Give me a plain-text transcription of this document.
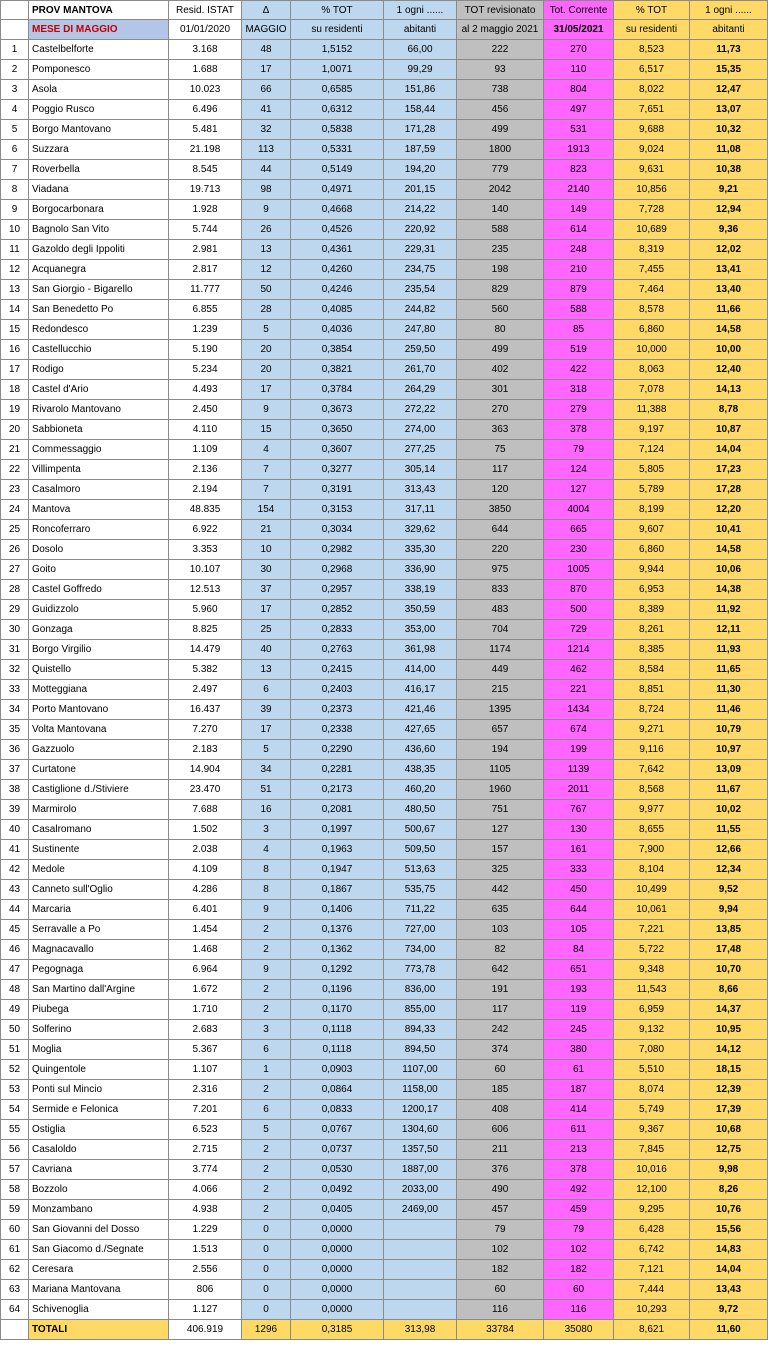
	PROV MANTOVA	Resid. ISTAT	Δ	% TOT	1 ogni ......	TOT revisionato	Tot. Corrente	% TOT	1 ogni ......
	MESE DI MAGGIO	01/01/2020	MAGGIO	su residenti	abitanti	al 2 maggio 2021	31/05/2021	su residenti	abitanti
1	Castelbelforte	3.168	48	1,5152	66,00	222	270	8,523	11,73
2	Pomponesco	1.688	17	1,0071	99,29	93	110	6,517	15,35
3	Asola	10.023	66	0,6585	151,86	738	804	8,022	12,47
4	Poggio Rusco	6.496	41	0,6312	158,44	456	497	7,651	13,07
5	Borgo Mantovano	5.481	32	0,5838	171,28	499	531	9,688	10,32
6	Suzzara	21.198	113	0,5331	187,59	1800	1913	9,024	11,08
7	Roverbella	8.545	44	0,5149	194,20	779	823	9,631	10,38
8	Viadana	19.713	98	0,4971	201,15	2042	2140	10,856	9,21
9	Borgocarbonara	1.928	9	0,4668	214,22	140	149	7,728	12,94
10	Bagnolo San Vito	5.744	26	0,4526	220,92	588	614	10,689	9,36
11	Gazoldo degli Ippoliti	2.981	13	0,4361	229,31	235	248	8,319	12,02
12	Acquanegra	2.817	12	0,4260	234,75	198	210	7,455	13,41
13	San Giorgio - Bigarello	11.777	50	0,4246	235,54	829	879	7,464	13,40
14	San Benedetto Po	6.855	28	0,4085	244,82	560	588	8,578	11,66
15	Redondesco	1.239	5	0,4036	247,80	80	85	6,860	14,58
16	Castellucchio	5.190	20	0,3854	259,50	499	519	10,000	10,00
17	Rodigo	5.234	20	0,3821	261,70	402	422	8,063	12,40
18	Castel d'Ario	4.493	17	0,3784	264,29	301	318	7,078	14,13
19	Rivarolo Mantovano	2.450	9	0,3673	272,22	270	279	11,388	8,78
20	Sabbioneta	4.110	15	0,3650	274,00	363	378	9,197	10,87
21	Commessaggio	1.109	4	0,3607	277,25	75	79	7,124	14,04
22	Villimpenta	2.136	7	0,3277	305,14	117	124	5,805	17,23
23	Casalmoro	2.194	7	0,3191	313,43	120	127	5,789	17,28
24	Mantova	48.835	154	0,3153	317,11	3850	4004	8,199	12,20
25	Roncoferraro	6.922	21	0,3034	329,62	644	665	9,607	10,41
26	Dosolo	3.353	10	0,2982	335,30	220	230	6,860	14,58
27	Goito	10.107	30	0,2968	336,90	975	1005	9,944	10,06
28	Castel Goffredo	12.513	37	0,2957	338,19	833	870	6,953	14,38
29	Guidizzolo	5.960	17	0,2852	350,59	483	500	8,389	11,92
30	Gonzaga	8.825	25	0,2833	353,00	704	729	8,261	12,11
31	Borgo Virgilio	14.479	40	0,2763	361,98	1174	1214	8,385	11,93
32	Quistello	5.382	13	0,2415	414,00	449	462	8,584	11,65
33	Motteggiana	2.497	6	0,2403	416,17	215	221	8,851	11,30
34	Porto Mantovano	16.437	39	0,2373	421,46	1395	1434	8,724	11,46
35	Volta Mantovana	7.270	17	0,2338	427,65	657	674	9,271	10,79
36	Gazzuolo	2.183	5	0,2290	436,60	194	199	9,116	10,97
37	Curtatone	14.904	34	0,2281	438,35	1105	1139	7,642	13,09
38	Castiglione d./Stiviere	23.470	51	0,2173	460,20	1960	2011	8,568	11,67
39	Marmirolo	7.688	16	0,2081	480,50	751	767	9,977	10,02
40	Casalromano	1.502	3	0,1997	500,67	127	130	8,655	11,55
41	Sustinente	2.038	4	0,1963	509,50	157	161	7,900	12,66
42	Medole	4.109	8	0,1947	513,63	325	333	8,104	12,34
43	Canneto sull'Oglio	4.286	8	0,1867	535,75	442	450	10,499	9,52
44	Marcaria	6.401	9	0,1406	711,22	635	644	10,061	9,94
45	Serravalle a Po	1.454	2	0,1376	727,00	103	105	7,221	13,85
46	Magnacavallo	1.468	2	0,1362	734,00	82	84	5,722	17,48
47	Pegognaga	6.964	9	0,1292	773,78	642	651	9,348	10,70
48	San Martino dall'Argine	1.672	2	0,1196	836,00	191	193	11,543	8,66
49	Piubega	1.710	2	0,1170	855,00	117	119	6,959	14,37
50	Solferino	2.683	3	0,1118	894,33	242	245	9,132	10,95
51	Moglia	5.367	6	0,1118	894,50	374	380	7,080	14,12
52	Quingentole	1.107	1	0,0903	1107,00	60	61	5,510	18,15
53	Ponti sul Mincio	2.316	2	0,0864	1158,00	185	187	8,074	12,39
54	Sermide e Felonica	7.201	6	0,0833	1200,17	408	414	5,749	17,39
55	Ostiglia	6.523	5	0,0767	1304,60	606	611	9,367	10,68
56	Casaloldo	2.715	2	0,0737	1357,50	211	213	7,845	12,75
57	Cavriana	3.774	2	0,0530	1887,00	376	378	10,016	9,98
58	Bozzolo	4.066	2	0,0492	2033,00	490	492	12,100	8,26
59	Monzambano	4.938	2	0,0405	2469,00	457	459	9,295	10,76
60	San Giovanni del Dosso	1.229	0	0,0000		79	79	6,428	15,56
61	San Giacomo d./Segnate	1.513	0	0,0000		102	102	6,742	14,83
62	Ceresara	2.556	0	0,0000		182	182	7,121	14,04
63	Mariana Mantovana	806	0	0,0000		60	60	7,444	13,43
64	Schivenoglia	1.127	0	0,0000		116	116	10,293	9,72
	TOTALI	406.919	1296	0,3185	313,98	33784	35080	8,621	11,60
